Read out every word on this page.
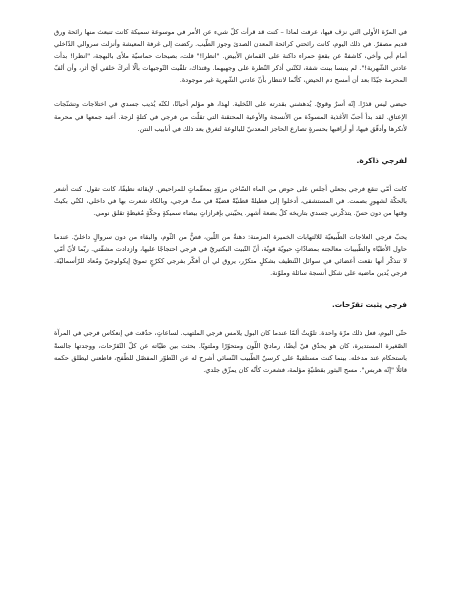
في المرّة الأولى التي نزف فيها، عرفت لماذا – كنت قد قرأت كلّ شيء عن الأمر في موسوعة سميكة كانت تنبعث منها رائحة ورق قديم مصفرّ. في ذلك اليوم، كانت رائحتي كرائحة المعدن الصدئ وجوز الطّيب. ركضت إلى غرفة المعيشة وأنزلت سروالي الدّاخلي أمام أبي وأخي، كاشفةً عن بقعةٍ حمراء داكنة على القماش الأبيض. "انظرا!" قلت، بصيحات حماسيّة ملأى بالبهجة، "انظرا! بدأت عادتي الشّهرية!". لم ينبسا ببنت شفة، لكنّني أذكر النّظرة على وجهيهما. وقتذاك، تلقّيت التّوجيهات بألّا أتركَ خلفي أيّ أثر، وأن ألفّ المحرمة جيّدًا بعد أن أمسح دم الحيض، كأنّما لانتظار بأنّ عادتي الشّهرية غير موجودة.

حيضي ليس قذرًا. إنّه أسرٌ وقويّ. يُدهشني بقدرته على التّخلية. لهذا، هو مؤلم أحيانًا، لكنّه يُذيب جسدي في اختلاجات وتشنّجات الإعتاق. لقد بدأ أحبّ الأغذية المسودّة من الأنسجة والأوعية المحتقنة التي تقلّت من فرجي في كتلةٍ لزجة. أعيد جمعها في محرمة لأنكرها وأدقّق فيها، أو أراقبها بحسرةٍ تصارع الحاجز المعدنيّ للبالوعة لتغرق بعد ذلك في أنابيب النتن.

لفرجي ذاكرة.

كانت أمّي تنقع فرجي بجعلي أجلس على حوض من الماء السّاخن مزوّدٍ بمعقّماتٍ للمراحيض. لإبقائه نظيفًا، كانت تقول. كنت أشعر بالحكّة لشهورٍ بصمت. في المستشفى، أدخلوا إلى فطيلةً قطنيّةً فضيّةً في مثّ فرجي، وبالكاد شعرت بها في داخلي، لكنّي بكيتُ وقتها من دون حسّ. يتذكّرني جسدي بتاريخه كلّ بضعة أشهر. يحيّيني بإفرازاتٍ بيضاء سميكةٍ وحكّةٍ مُغيظةٍ تقلق نومي.

يحبّ فرجي العلاجات الطّبيعيّة للالتهابات الخميرة المزمنة: دهنةٌ من اللّبن، فصٌّ من الثّوم، والبقاء من دون سروالٍ داخليّ. عندما حاول الأطبّاء والطّبيبات معالجته بمضادّاتٍ حيويّة قويّة، أنّ التّبيت البكتيريّ في فرجي احتجاجًا عليها، وازدادت مشقّتي. ربّما لأنّ أمّي لا تتذكّر أنها نقعت أعضائي في سوائل التّنظيف بشكلٍ متكرّر، يروق لي أن أفكّر بفرجي ككرّجٍ تمويّ إيكولوجيّ ومُعاد للرّأسماليّة. فرجي يُدين ماضيه على شكل أنسجة سائلة وملوّنة.

فرجي يثبت تقرّحات.

حتّى اليوم، فعل ذلك مرّة واحدة. تلوّيتُ ألمًا عندما كان البول يلامس فرجي الملتهب. لساعاتٍ، حدّقت في إنعكاس فرجي في المرآة الصّغيرة المستديرة، كان هو يحدّق فيّ أيضًا، رماديّ اللّون ومتحوّرًا وملتويًا. بحثت بين طيّاته عن كلّ التّقرّحات، ووجدتها جالسةً باستحكام عند مدخله. بينما كنت مستلقيةً على كرسيّ الطّبيب النّسائي أشرح له عن التّطوّر المفصّل للطّفح، فاطعني ليطلق حكمه قائلًا "إنّه هربس". مسح البثور بقطنيّةٍ مؤلمة، فشعرت كأنّه كان يمزّق جلدي.
